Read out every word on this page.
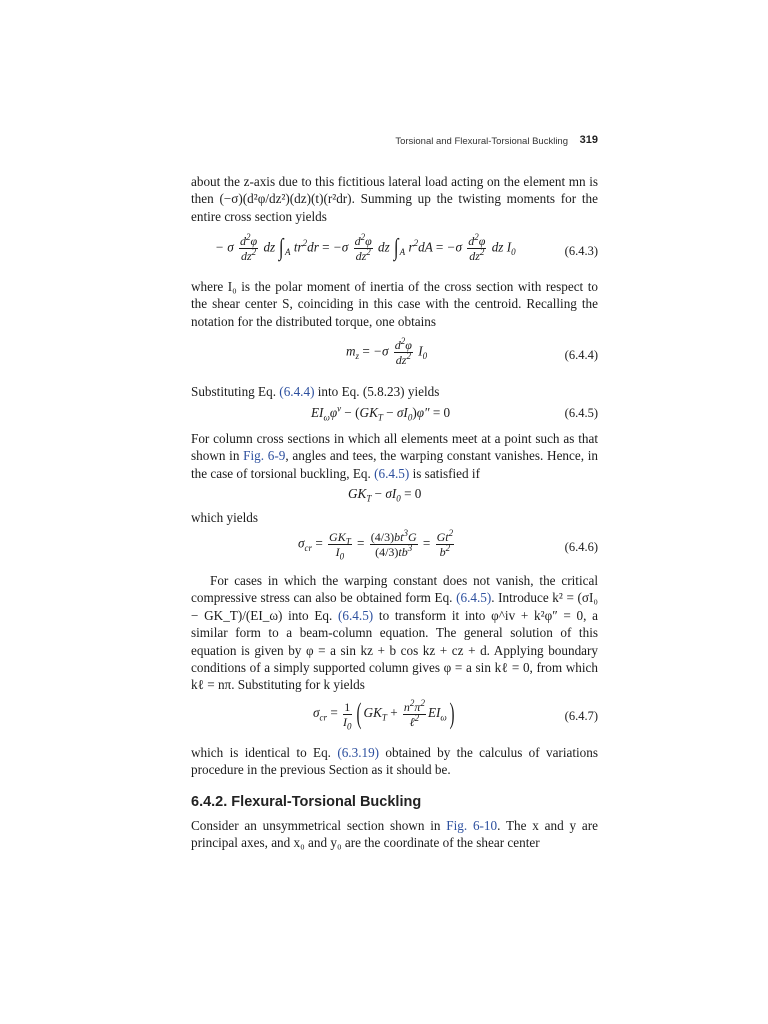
Torsional and Flexural-Torsional Buckling 319

about the z-axis due to this fictitious lateral load acting on the element mn is then (−σ)(d²φ/dz²)(dz)(t)(r²dr). Summing up the twisting moments for the entire cross section yields

− σ $\frac{d^2\varphi}{dz^2}$ dz $\int_A$ $tr^2dr = -\sigma \frac{d^2\varphi}{dz^2}$ dz $\int_A$ $r^2dA = -\sigma \frac{d^2\varphi}{dz^2}$ dz $I_0$	(6.4.3)

where I₀ is the polar moment of inertia of the cross section with respect to the shear center S, coinciding in this case with the centroid. Recalling the notation for the distributed torque, one obtains

$m_z = -\sigma \frac{d^2\varphi}{dz^2} I_0$	(6.4.4)

Substituting Eq. (6.4.4) into Eq. (5.8.23) yields

$EI_\omega\varphi^v - (GK_T - \sigma I_0)\varphi'' = 0$	(6.4.5)

For column cross sections in which all elements meet at a point such as that shown in Fig. 6-9, angles and tees, the warping constant vanishes. Hence, in the case of torsional buckling, Eq. (6.4.5) is satisfied if

$GK_T - \sigma I_0 = 0$

which yields

$\sigma_{cr} = \frac{GK_T}{I_0} = \frac{(4/3)bt^3G}{(4/3)tb^3} = \frac{Gt^2}{b^2}$	(6.4.6)

For cases in which the warping constant does not vanish, the critical compressive stress can also be obtained form Eq. (6.4.5). Introduce k² = (σI₀ − GK_T)/(EI_ω) into Eq. (6.4.5) to transform it into φ^iv + k²φ″ = 0, a similar form to a beam-column equation. The general solution of this equation is given by φ = a sin kz + b cos kz + cz + d. Applying boundary conditions of a simply supported column gives φ = a sin kℓ = 0, from which kℓ = nπ. Substituting for k yields

$\sigma_{cr} = \frac{1}{I_0}$ ( $GK_T + \frac{n^2\pi^2}{\ell^2} EI_\omega$)	(6.4.7)

which is identical to Eq. (6.3.19) obtained by the calculus of variations procedure in the previous Section as it should be.

6.4.2. Flexural-Torsional Buckling

Consider an unsymmetrical section shown in Fig. 6-10. The x and y are principal axes, and x₀ and y₀ are the coordinate of the shear center
